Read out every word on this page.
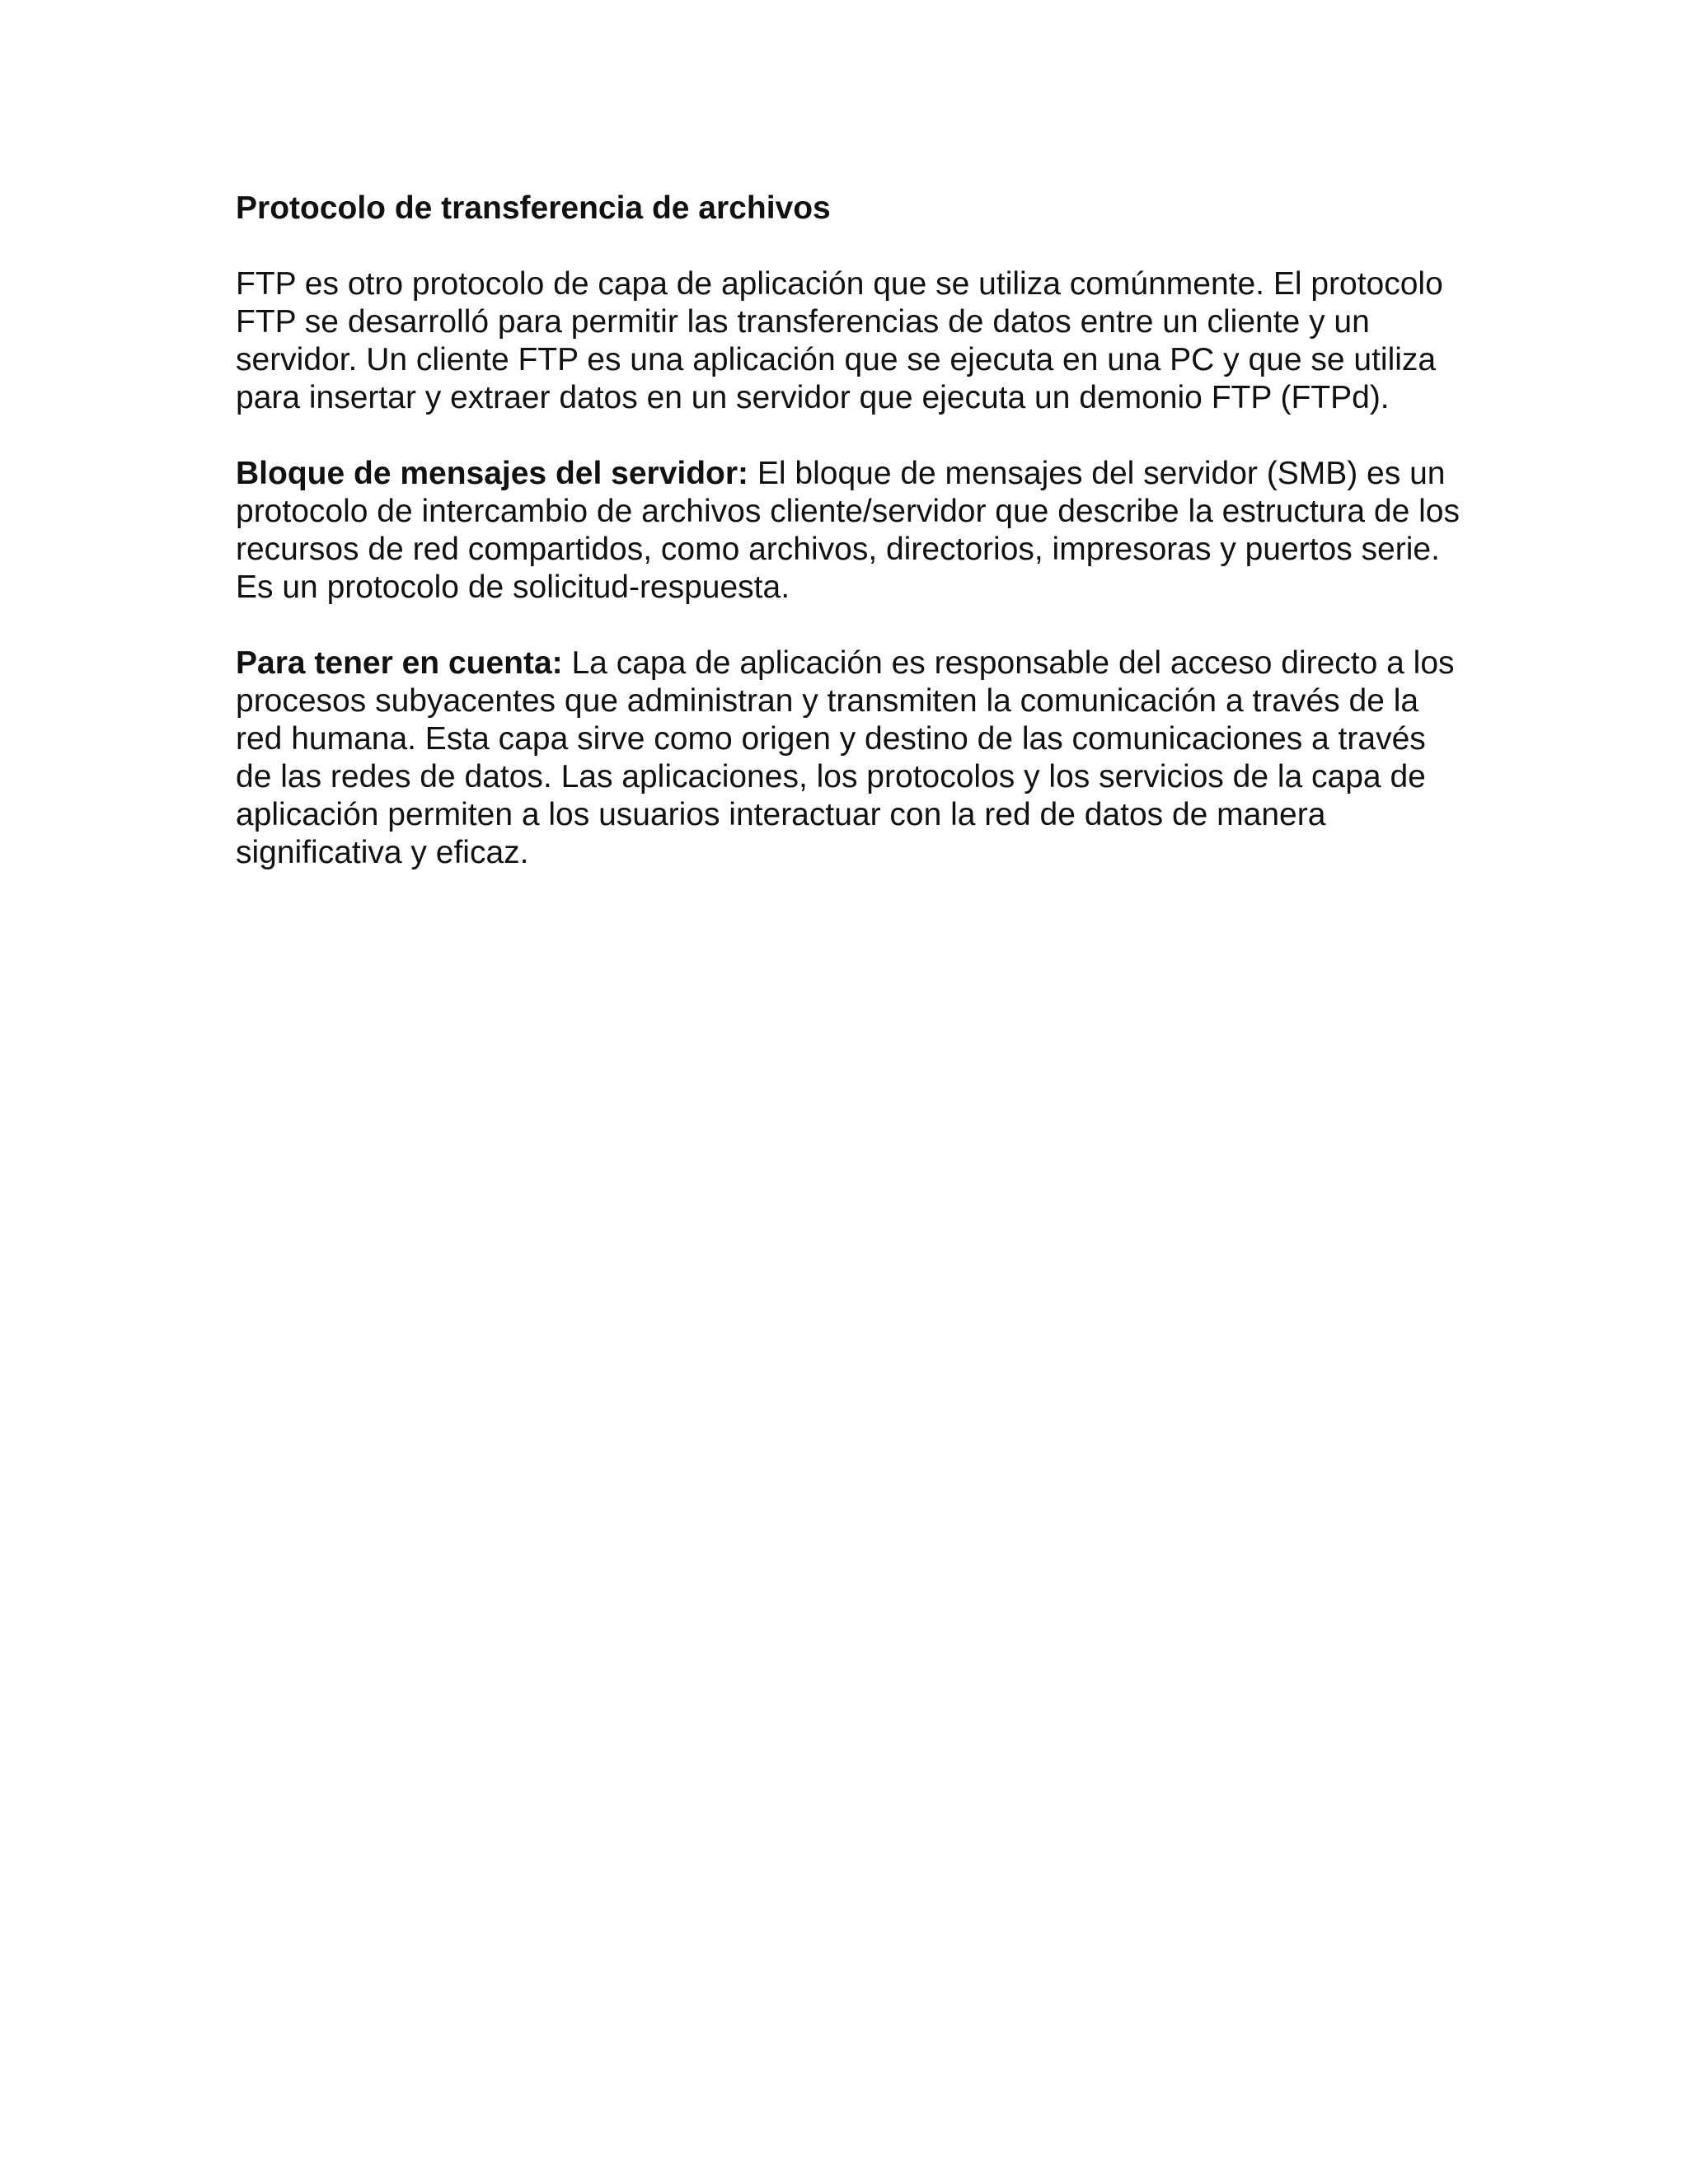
Protocolo de transferencia de archivos

FTP es otro protocolo de capa de aplicación que se utiliza comúnmente. El protocolo FTP se desarrolló para permitir las transferencias de datos entre un cliente y un servidor. Un cliente FTP es una aplicación que se ejecuta en una PC y que se utiliza para insertar y extraer datos en un servidor que ejecuta un demonio FTP (FTPd).

Bloque de mensajes del servidor: El bloque de mensajes del servidor (SMB) es un protocolo de intercambio de archivos cliente/servidor que describe la estructura de los recursos de red compartidos, como archivos, directorios, impresoras y puertos serie. Es un protocolo de solicitud-respuesta.

Para tener en cuenta: La capa de aplicación es responsable del acceso directo a los procesos subyacentes que administran y transmiten la comunicación a través de la red humana. Esta capa sirve como origen y destino de las comunicaciones a través de las redes de datos. Las aplicaciones, los protocolos y los servicios de la capa de aplicación permiten a los usuarios interactuar con la red de datos de manera significativa y eficaz.
